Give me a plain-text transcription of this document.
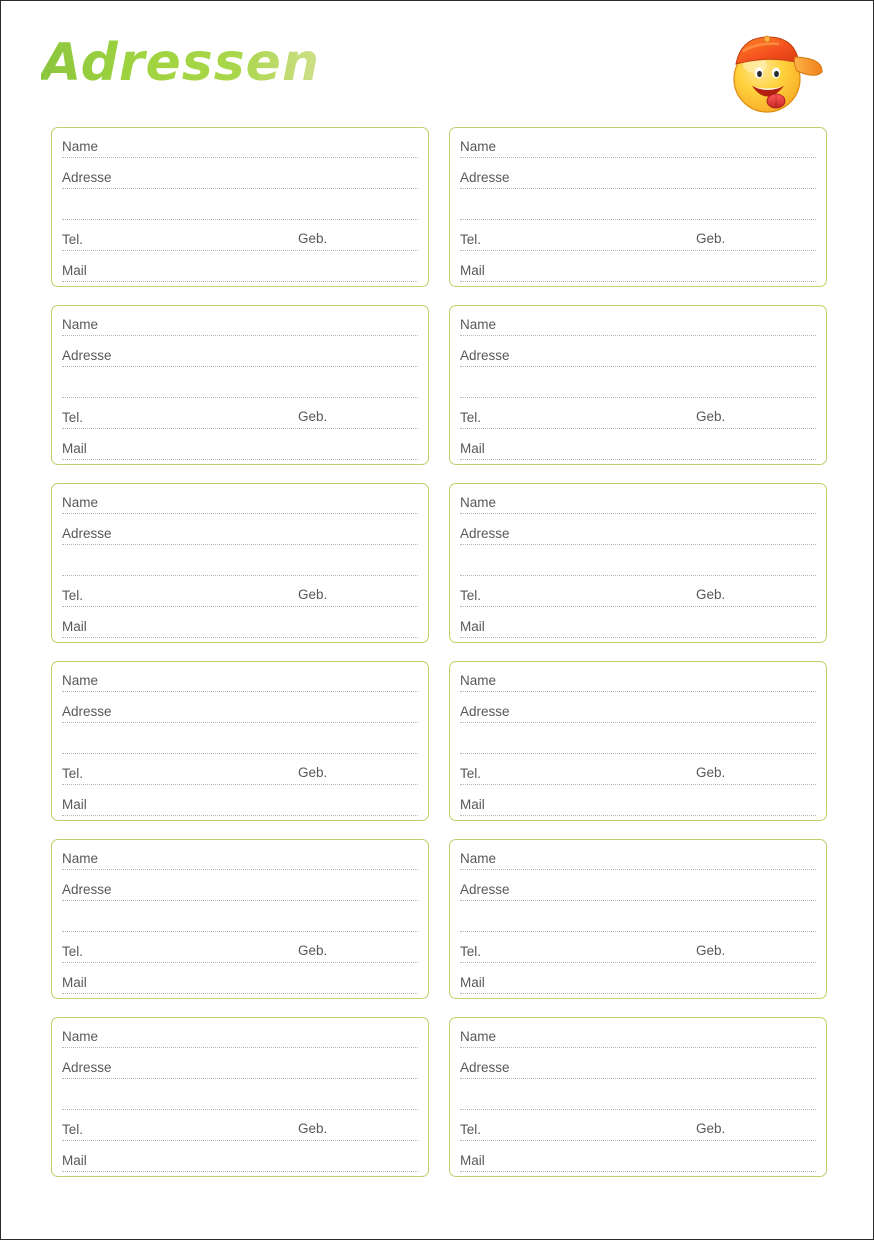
Adressen
Name
Adresse
Tel.	Geb.
Mail
Name
Adresse
Tel.	Geb.
Mail
Name
Adresse
Tel.	Geb.
Mail
Name
Adresse
Tel.	Geb.
Mail
Name
Adresse
Tel.	Geb.
Mail
Name
Adresse
Tel.	Geb.
Mail
Name
Adresse
Tel.	Geb.
Mail
Name
Adresse
Tel.	Geb.
Mail
Name
Adresse
Tel.	Geb.
Mail
Name
Adresse
Tel.	Geb.
Mail
Name
Adresse
Tel.	Geb.
Mail
Name
Adresse
Tel.	Geb.
Mail
